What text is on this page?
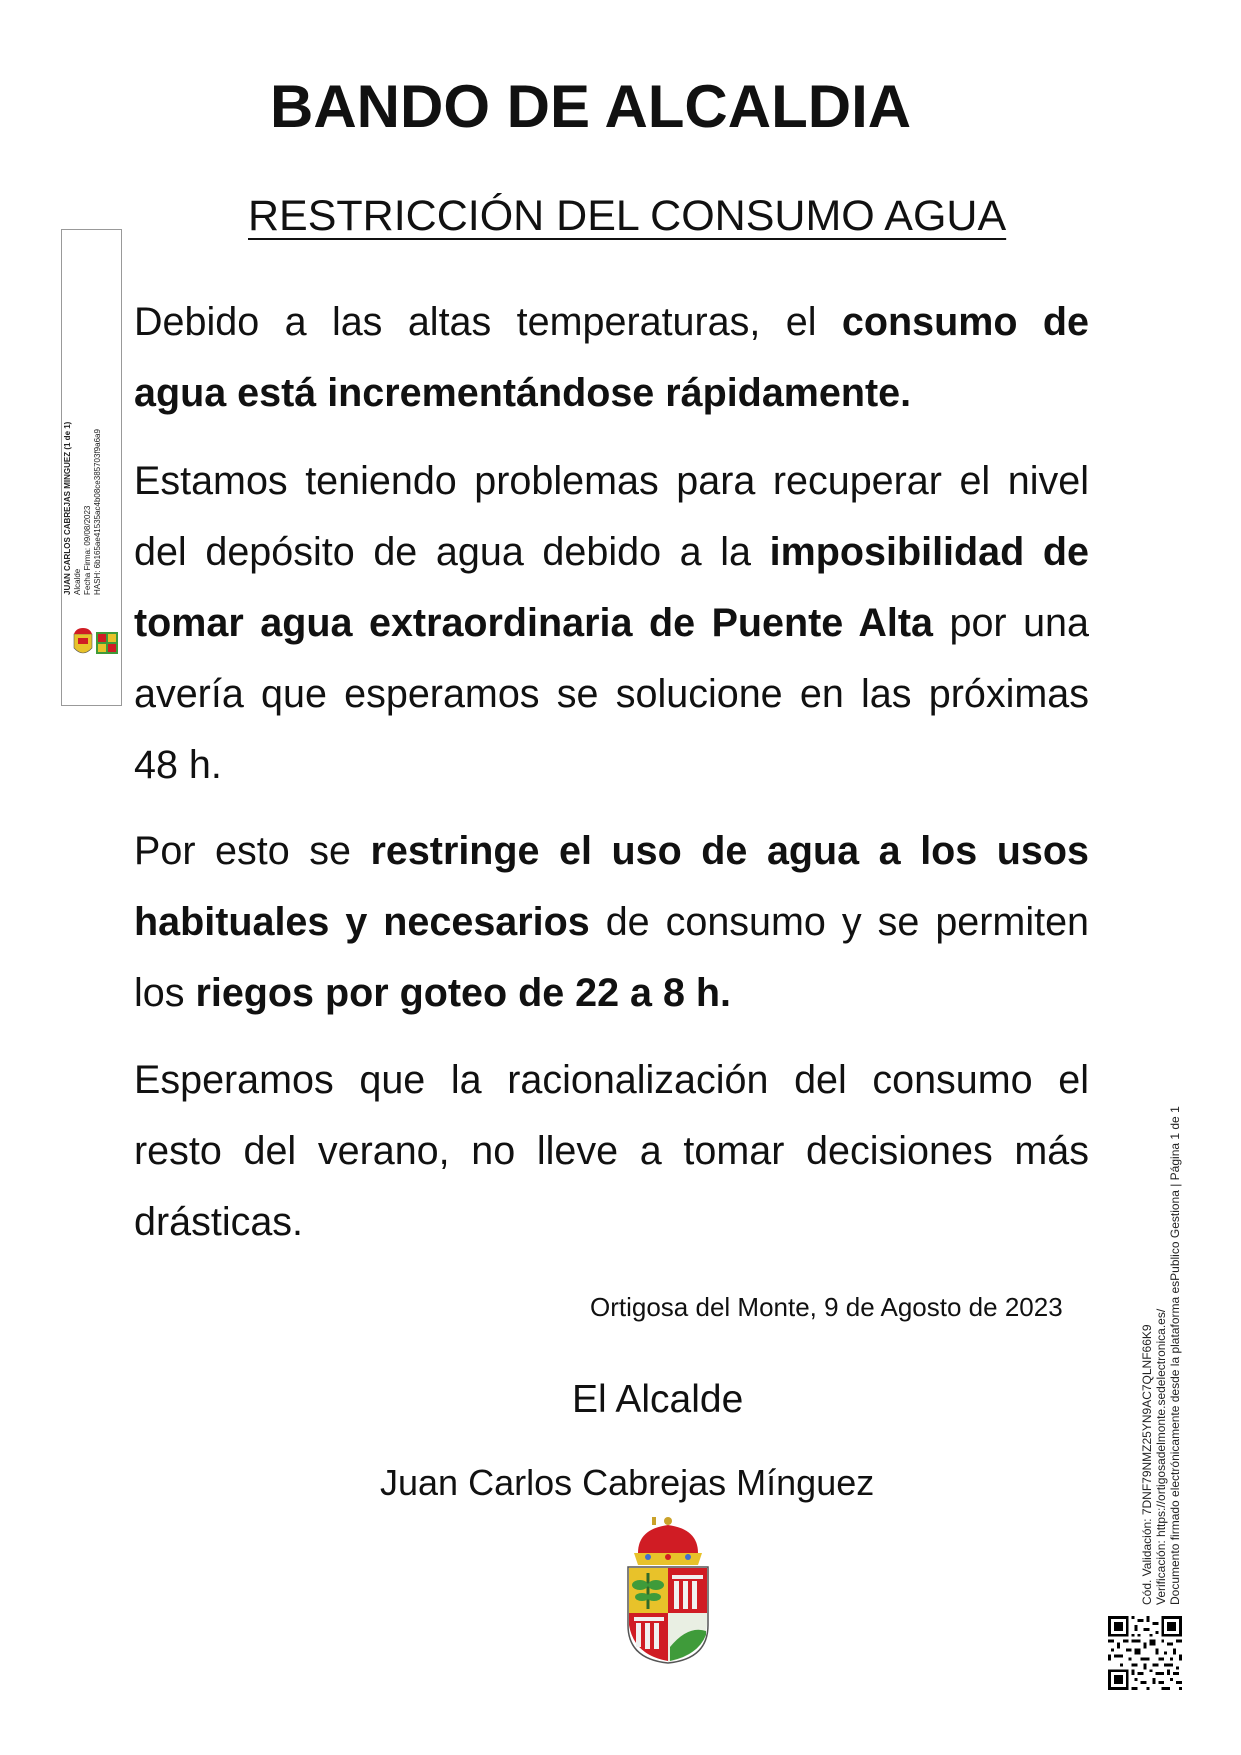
BANDO DE ALCALDIA
RESTRICCIÓN DEL CONSUMO AGUA

Debido a las altas temperaturas, el consumo de agua está incrementándose rápidamente.

Estamos teniendo problemas para recuperar el nivel del depósito de agua debido a la imposibilidad de tomar agua extraordinaria de Puente Alta por una avería que esperamos se solucione en las próximas 48 h.

Por esto se restringe el uso de agua a los usos habituales y necesarios de consumo y se permiten los riegos por goteo de 22 a 8 h.

Esperamos que la racionalización del consumo el resto del verano, no lleve a tomar decisiones más drásticas.

Ortigosa del Monte, 9 de Agosto de 2023
El Alcalde
Juan Carlos Cabrejas Mínguez
JUAN CARLOS CABREJAS MINGUEZ (1 de 1) Alcalde Fecha Firma: 09/08/2023 HASH: 6b165ae41535ac4b08ce385703f9a6a9
Cód. Validación: 7DNF79NMZ25YN9AC7QLNF66K9 Verificación: https://ortigosadelmonte.sedelectronica.es/ Documento firmado electrónicamente desde la plataforma esPublico Gestiona | Página 1 de 1
